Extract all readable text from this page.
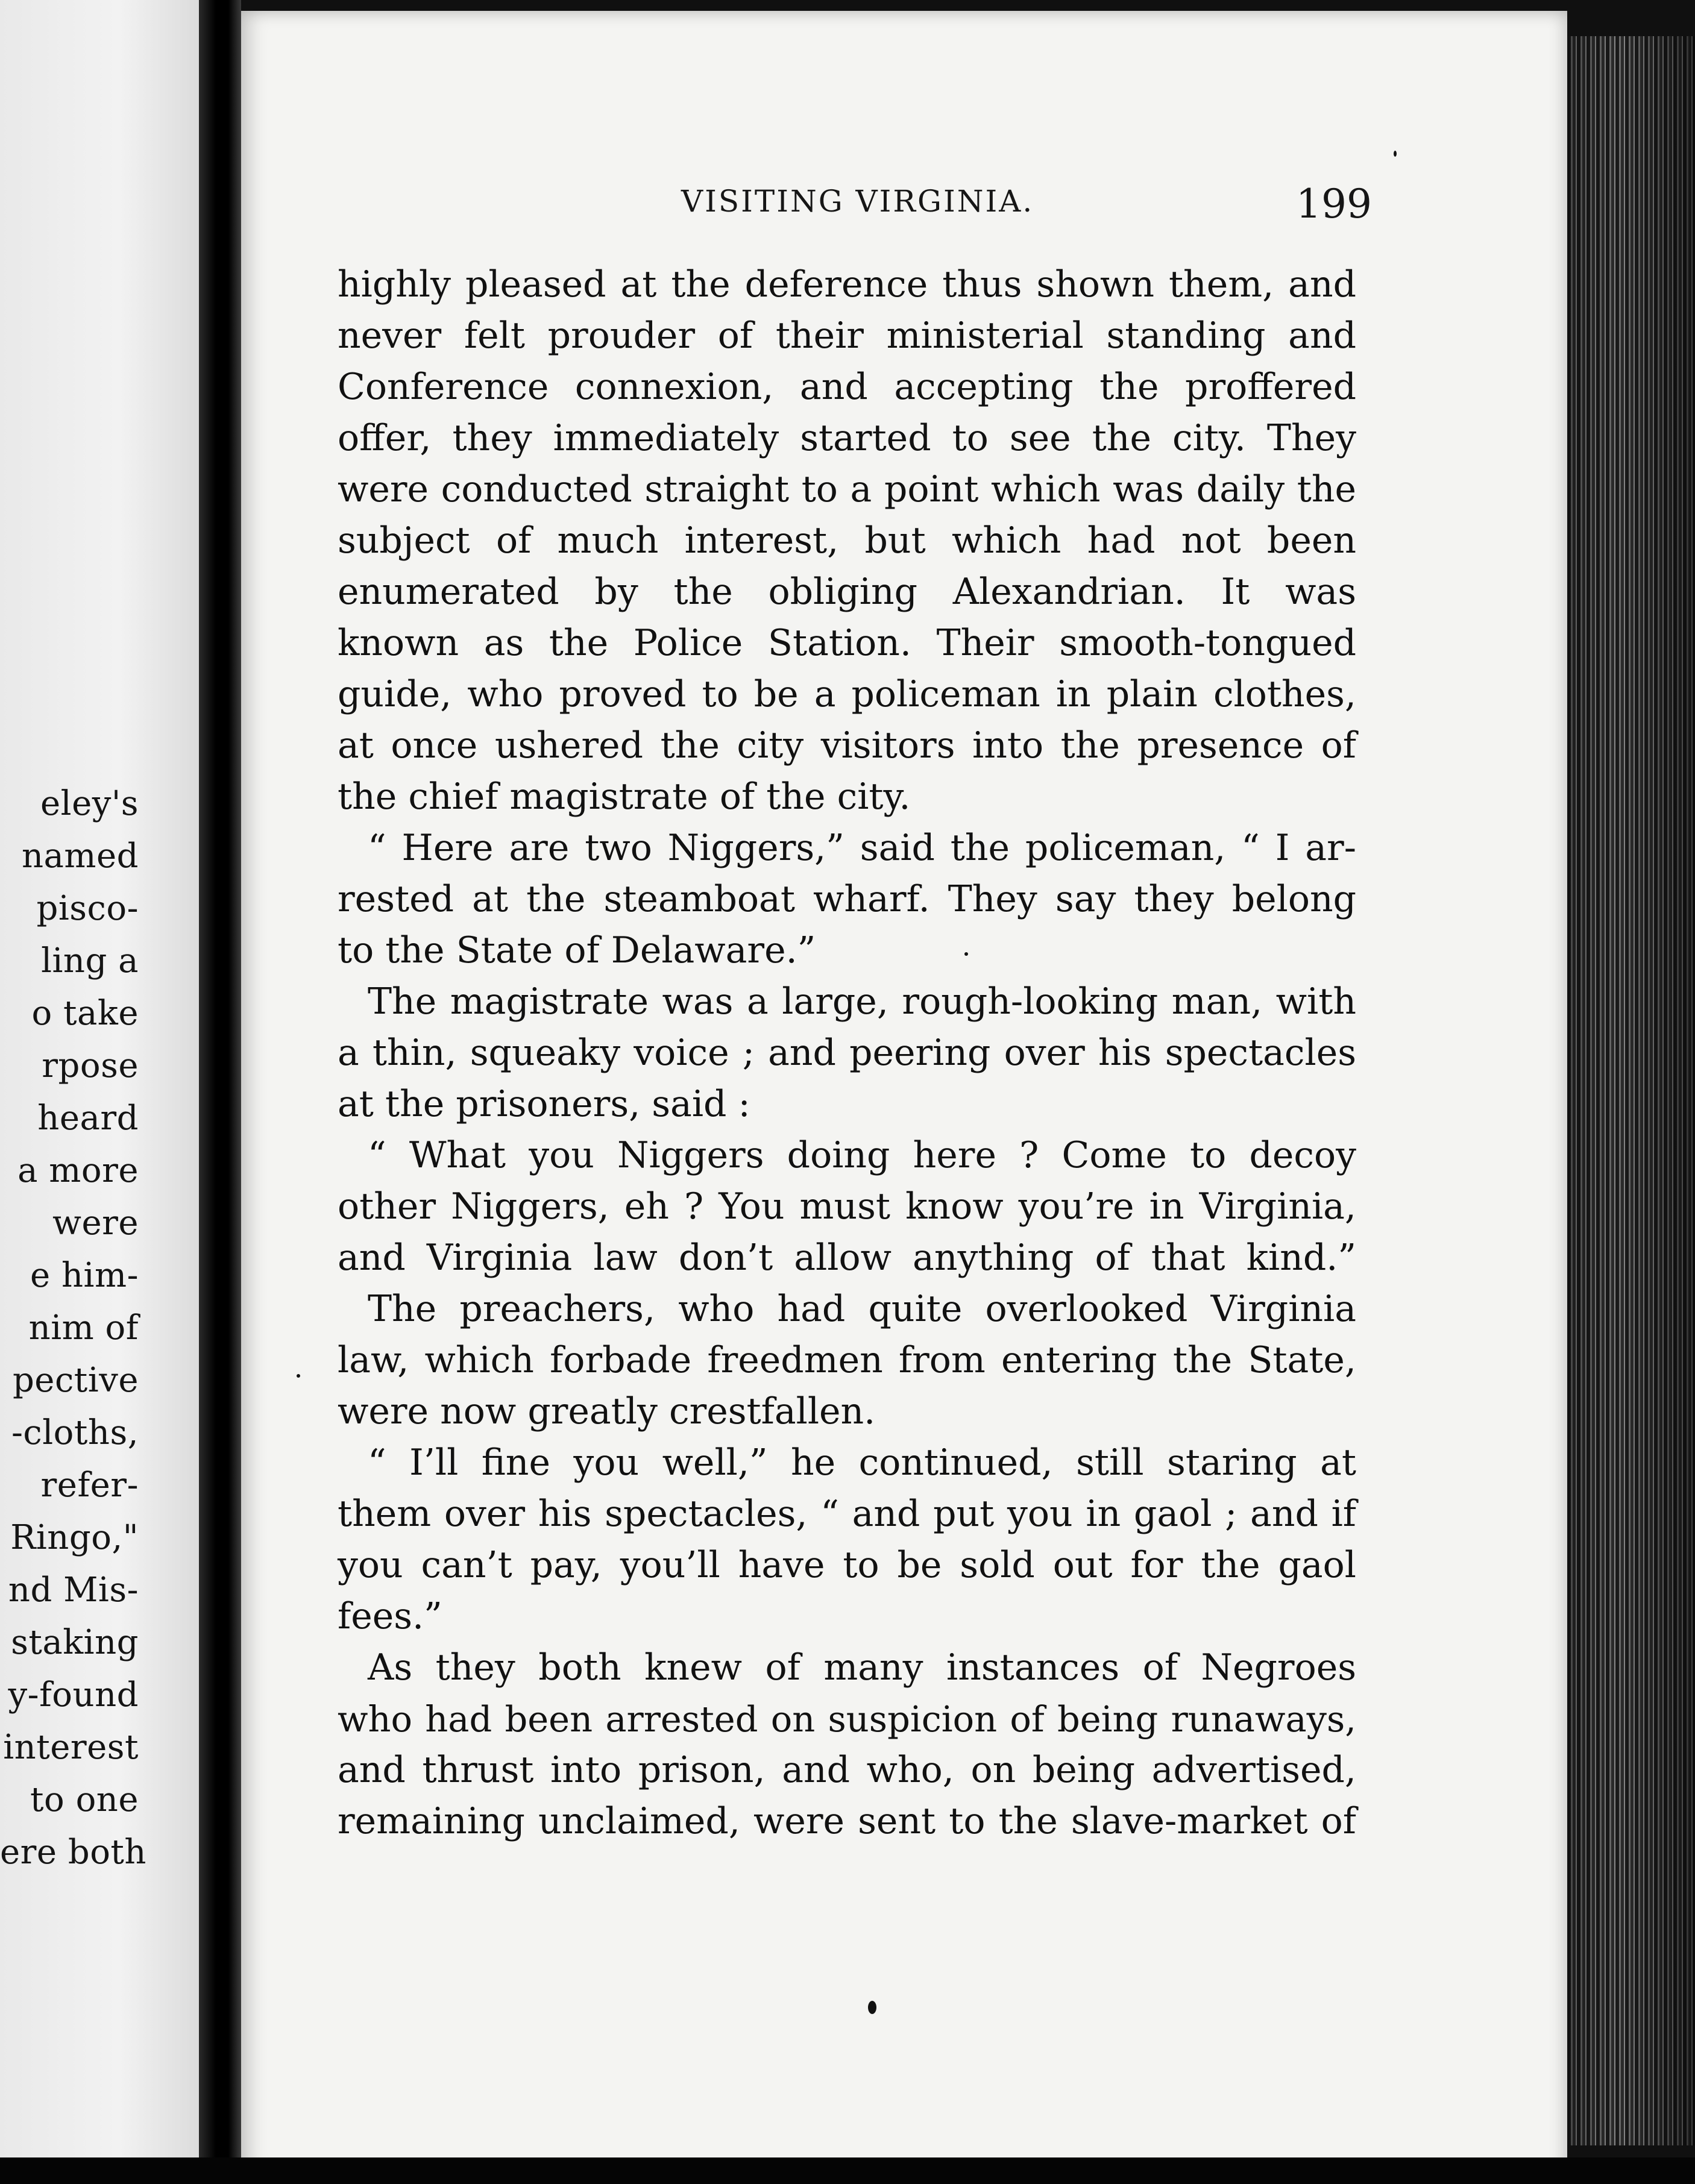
eley's
named
pisco-
ling a
o take
rpose
heard
a more
were
e him-
nim of
pective
-cloths,
refer-
Ringo,"
nd Mis-
staking
y-found
interest
to one
ere both
VISITING VIRGINIA.	199
highly pleased at the deference thus shown them, and
never felt prouder of their ministerial standing and
Conference connexion, and accepting the proffered
offer, they immediately started to see the city. They
were conducted straight to a point which was daily the
subject of much interest, but which had not been
enumerated by the obliging Alexandrian. It was
known as the Police Station. Their smooth-tongued
guide, who proved to be a policeman in plain clothes,
at once ushered the city visitors into the presence of
the chief magistrate of the city.
“ Here are two Niggers,” said the policeman, “ I ar-
rested at the steamboat wharf. They say they belong
to the State of Delaware.”
The magistrate was a large, rough-looking man, with
a thin, squeaky voice ; and peering over his spectacles
at the prisoners, said :
“ What you Niggers doing here ? Come to decoy
other Niggers, eh ? You must know you’re in Virginia,
and Virginia law don’t allow anything of that kind.”
The preachers, who had quite overlooked Virginia
law, which forbade freedmen from entering the State,
were now greatly crestfallen.
“ I’ll fine you well,” he continued, still staring at
them over his spectacles, “ and put you in gaol ; and if
you can’t pay, you’ll have to be sold out for the gaol
fees.”
As they both knew of many instances of Negroes
who had been arrested on suspicion of being runaways,
and thrust into prison, and who, on being advertised,
remaining unclaimed, were sent to the slave-market of
